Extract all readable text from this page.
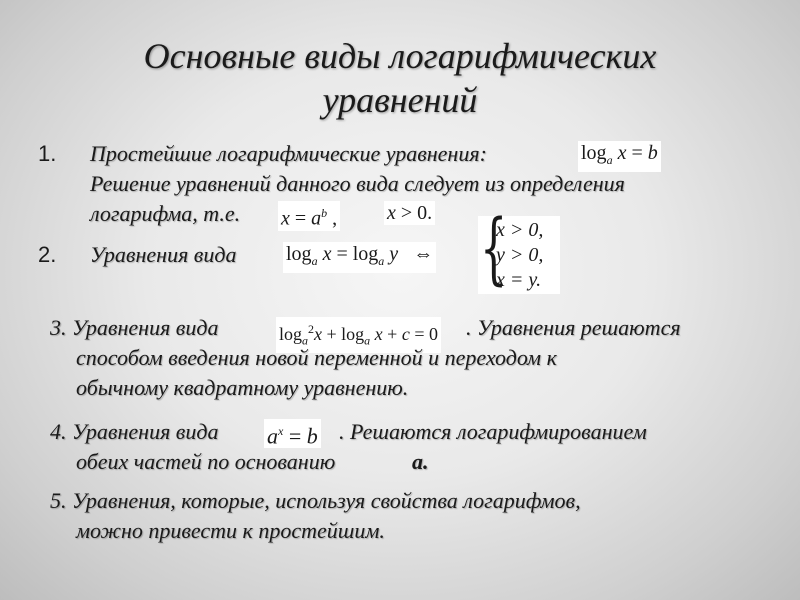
Основные виды логарифмических
уравнений
1. Простейшие логарифмические уравнения:	$\log_a x = b$
Решение уравнений данного вида следует из определения
логарифма, т.е. $x = a^b$ , x > 0.
2. Уравнения вида $\log_a x = \log_a y$   ⇔ {
x > 0,
y > 0,
x = y.
3. Уравнения вида	$\log_a^2x + \log_a x + c = 0$ . Уравнения решаются
способом введения новой переменной и переходом к
обычному квадратному уравнению.
4. Уравнения вида $a^x = b$ . Решаются логарифмированием
обеих частей по основанию	а.
5. Уравнения, которые, используя свойства логарифмов,
можно привести к простейшим.
